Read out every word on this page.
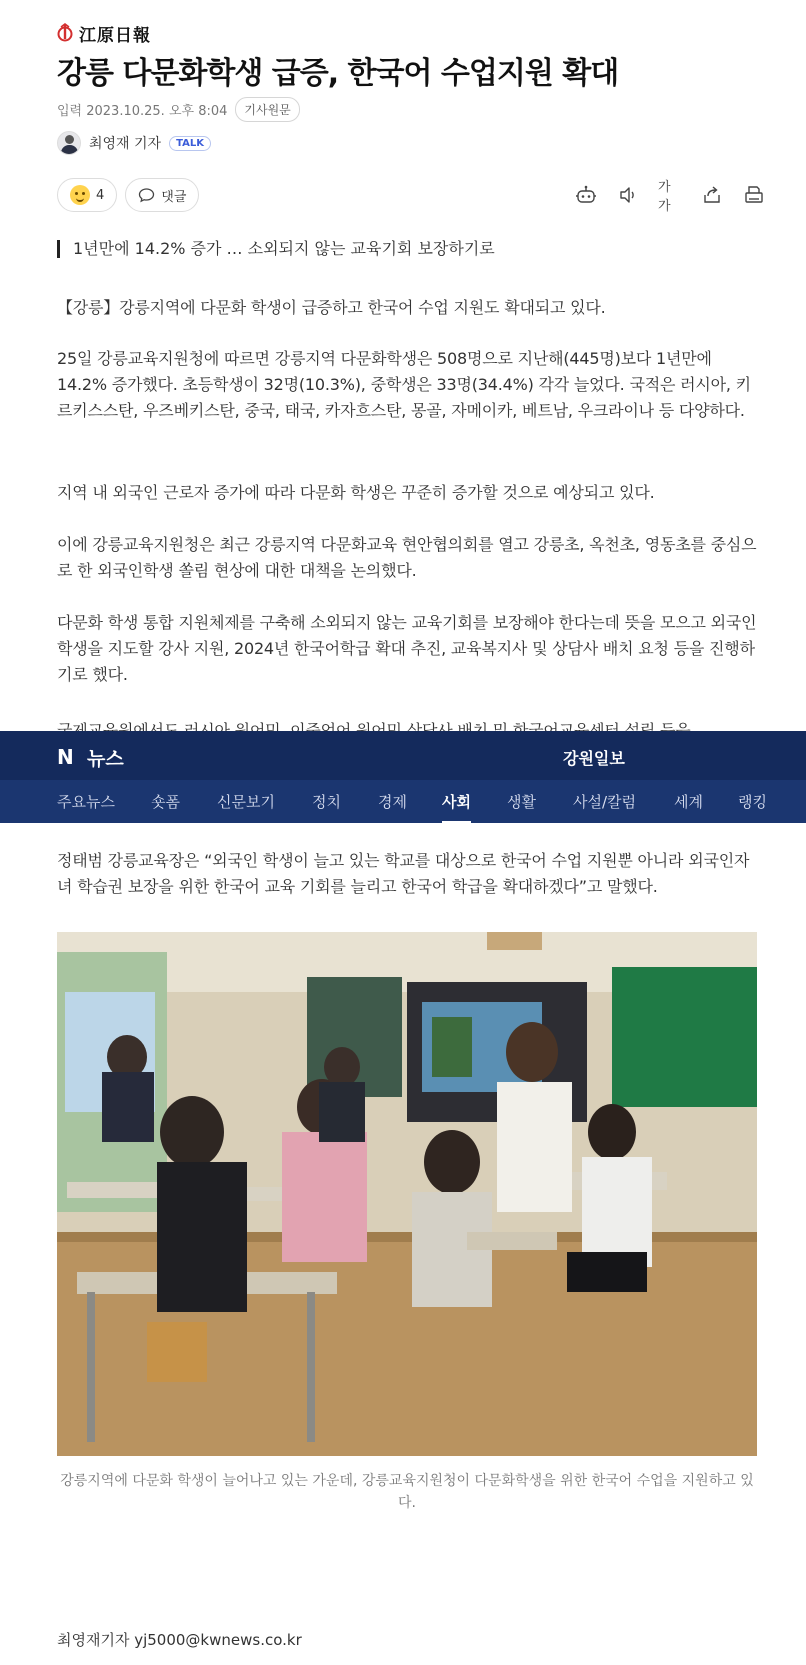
江原日報
강릉 다문화학생 급증, 한국어 수업지원 확대
입력 2023.10.25. 오후 8:04	기사원문
최영재 기자	TALK
4	댓글
가가
1년만에 14.2% 증가 … 소외되지 않는 교육기회 보장하기로

【강릉】강릉지역에 다문화 학생이 급증하고 한국어 수업 지원도 확대되고 있다.

25일 강릉교육지원청에 따르면 강릉지역 다문화학생은 508명으로 지난해(445명)보다 1년만에 14.2% 증가했다. 초등학생이 32명(10.3%), 중학생은 33명(34.4%) 각각 늘었다. 국적은 러시아, 키르키스스탄, 우즈베키스탄, 중국, 태국, 카자흐스탄, 몽골, 자메이카, 베트남, 우크라이나 등 다양하다.

지역 내 외국인 근로자 증가에 따라 다문화 학생은 꾸준히 증가할 것으로 예상되고 있다.

이에 강릉교육지원청은 최근 강릉지역 다문화교육 현안협의회를 열고 강릉초, 옥천초, 영동초를 중심으로 한 외국인학생 쏠림 현상에 대한 대책을 논의했다.

다문화 학생 통합 지원체제를 구축해 소외되지 않는 교육기회를 보장해야 한다는데 뜻을 모으고 외국인 학생을 지도할 강사 지원, 2024년 한국어학급 확대 추진, 교육복지사 및 상담사 배치 요청 등을 진행하기로 했다.

정태범 강릉교육장은 “외국인 학생이 늘고 있는 학교를 대상으로 한국어 수업 지원뿐 아니라 외국인자녀 학습권 보장을 위한 한국어 교육 기회를 늘리고 한국어 학급을 확대하겠다”고 말했다.

강릉지역에 다문화 학생이 늘어나고 있는 가운데, 강릉교육지원청이 다문화학생을 위한 한국어 수업을 지원하고 있다.

최영재기자 yj5000@kwnews.co.kr

N 뉴스	강원일보
주요뉴스 숏폼 신문보기 정치 경제 사회 생활 사설/칼럼	세계 랭킹
